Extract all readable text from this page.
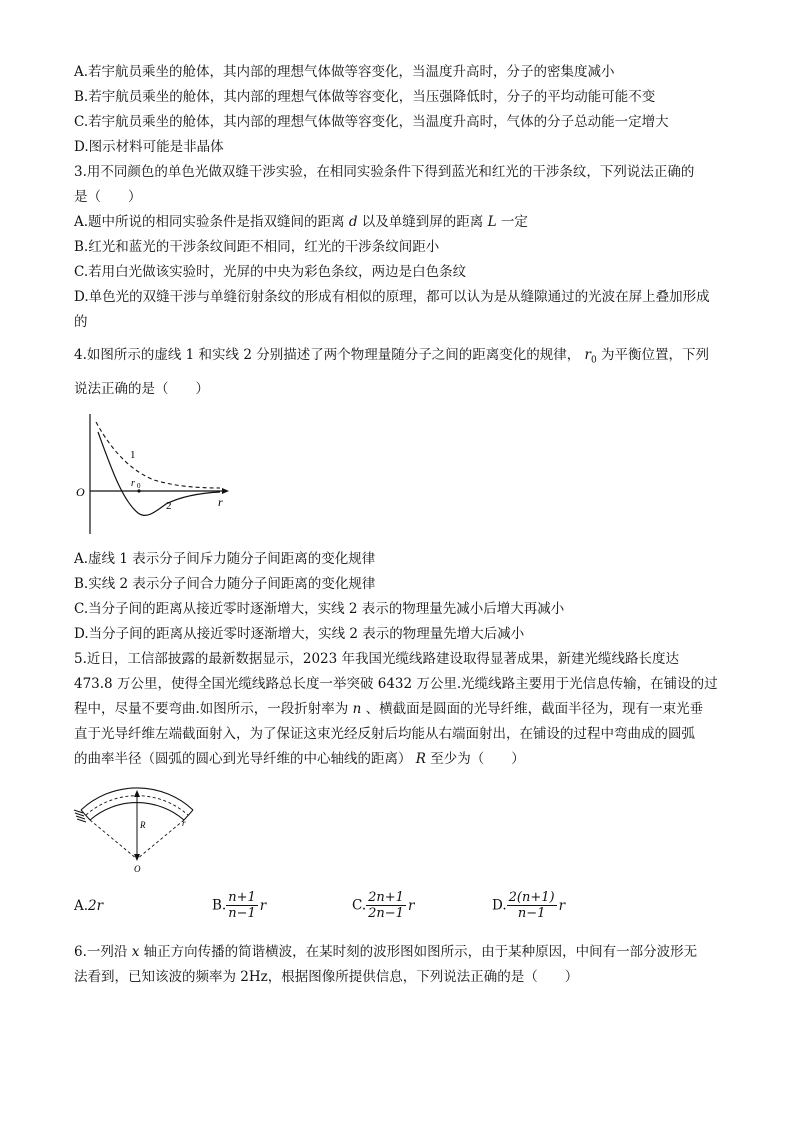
A.若宇航员乘坐的舱体，其内部的理想气体做等容变化，当温度升高时，分子的密集度减小
B.若宇航员乘坐的舱体，其内部的理想气体做等容变化，当压强降低时，分子的平均动能可能不变
C.若宇航员乘坐的舱体，其内部的理想气体做等容变化，当温度升高时，气体的分子总动能一定增大
D.图示材料可能是非晶体
3.用不同颜色的单色光做双缝干涉实验，在相同实验条件下得到蓝光和红光的干涉条纹，下列说法正确的
是（　　）
A.题中所说的相同实验条件是指双缝间的距离 d 以及单缝到屏的距离 L 一定
B.红光和蓝光的干涉条纹间距不相同，红光的干涉条纹间距小
C.若用白光做该实验时，光屏的中央为彩色条纹，两边是白色条纹
D.单色光的双缝干涉与单缝衍射条纹的形成有相似的原理，都可以认为是从缝隙通过的光波在屏上叠加形成
的
4.如图所示的虚线 1 和实线 2 分别描述了两个物理量随分子之间的距离变化的规律， $r_0$ 为平衡位置，下列
说法正确的是（　　）
O
r
r 0
1
2
A.虚线 1 表示分子间斥力随分子间距离的变化规律
B.实线 2 表示分子间合力随分子间距离的变化规律
C.当分子间的距离从接近零时逐渐增大，实线 2 表示的物理量先减小后增大再减小
D.当分子间的距离从接近零时逐渐增大，实线 2 表示的物理量先增大后减小
5.近日，工信部披露的最新数据显示，2023 年我国光缆线路建设取得显著成果，新建光缆线路长度达
473.8 万公里，使得全国光缆线路总长度一举突破 6432 万公里.光缆线路主要用于光信息传输，在铺设的过
程中，尽量不要弯曲.如图所示，一段折射率为 n 、横截面是圆面的光导纤维，截面半径为，现有一束光垂
直于光导纤维左端截面射入，为了保证这束光经反射后均能从右端面射出，在铺设的过程中弯曲成的圆弧
的曲率半径（圆弧的圆心到光导纤维的中心轴线的距离） R 至少为（　　）
R	r
O
A.2r	B. $\frac{n+1}{n-1}$ r	C. $\frac{2n+1}{2n-1}$ r	D. $\frac{2(n+1)}{n-1}$ r
6.一列沿 x 轴正方向传播的简谐横波，在某时刻的波形图如图所示，由于某种原因，中间有一部分波形无
法看到，已知该波的频率为 2Hz，根据图像所提供信息，下列说法正确的是（　　）
